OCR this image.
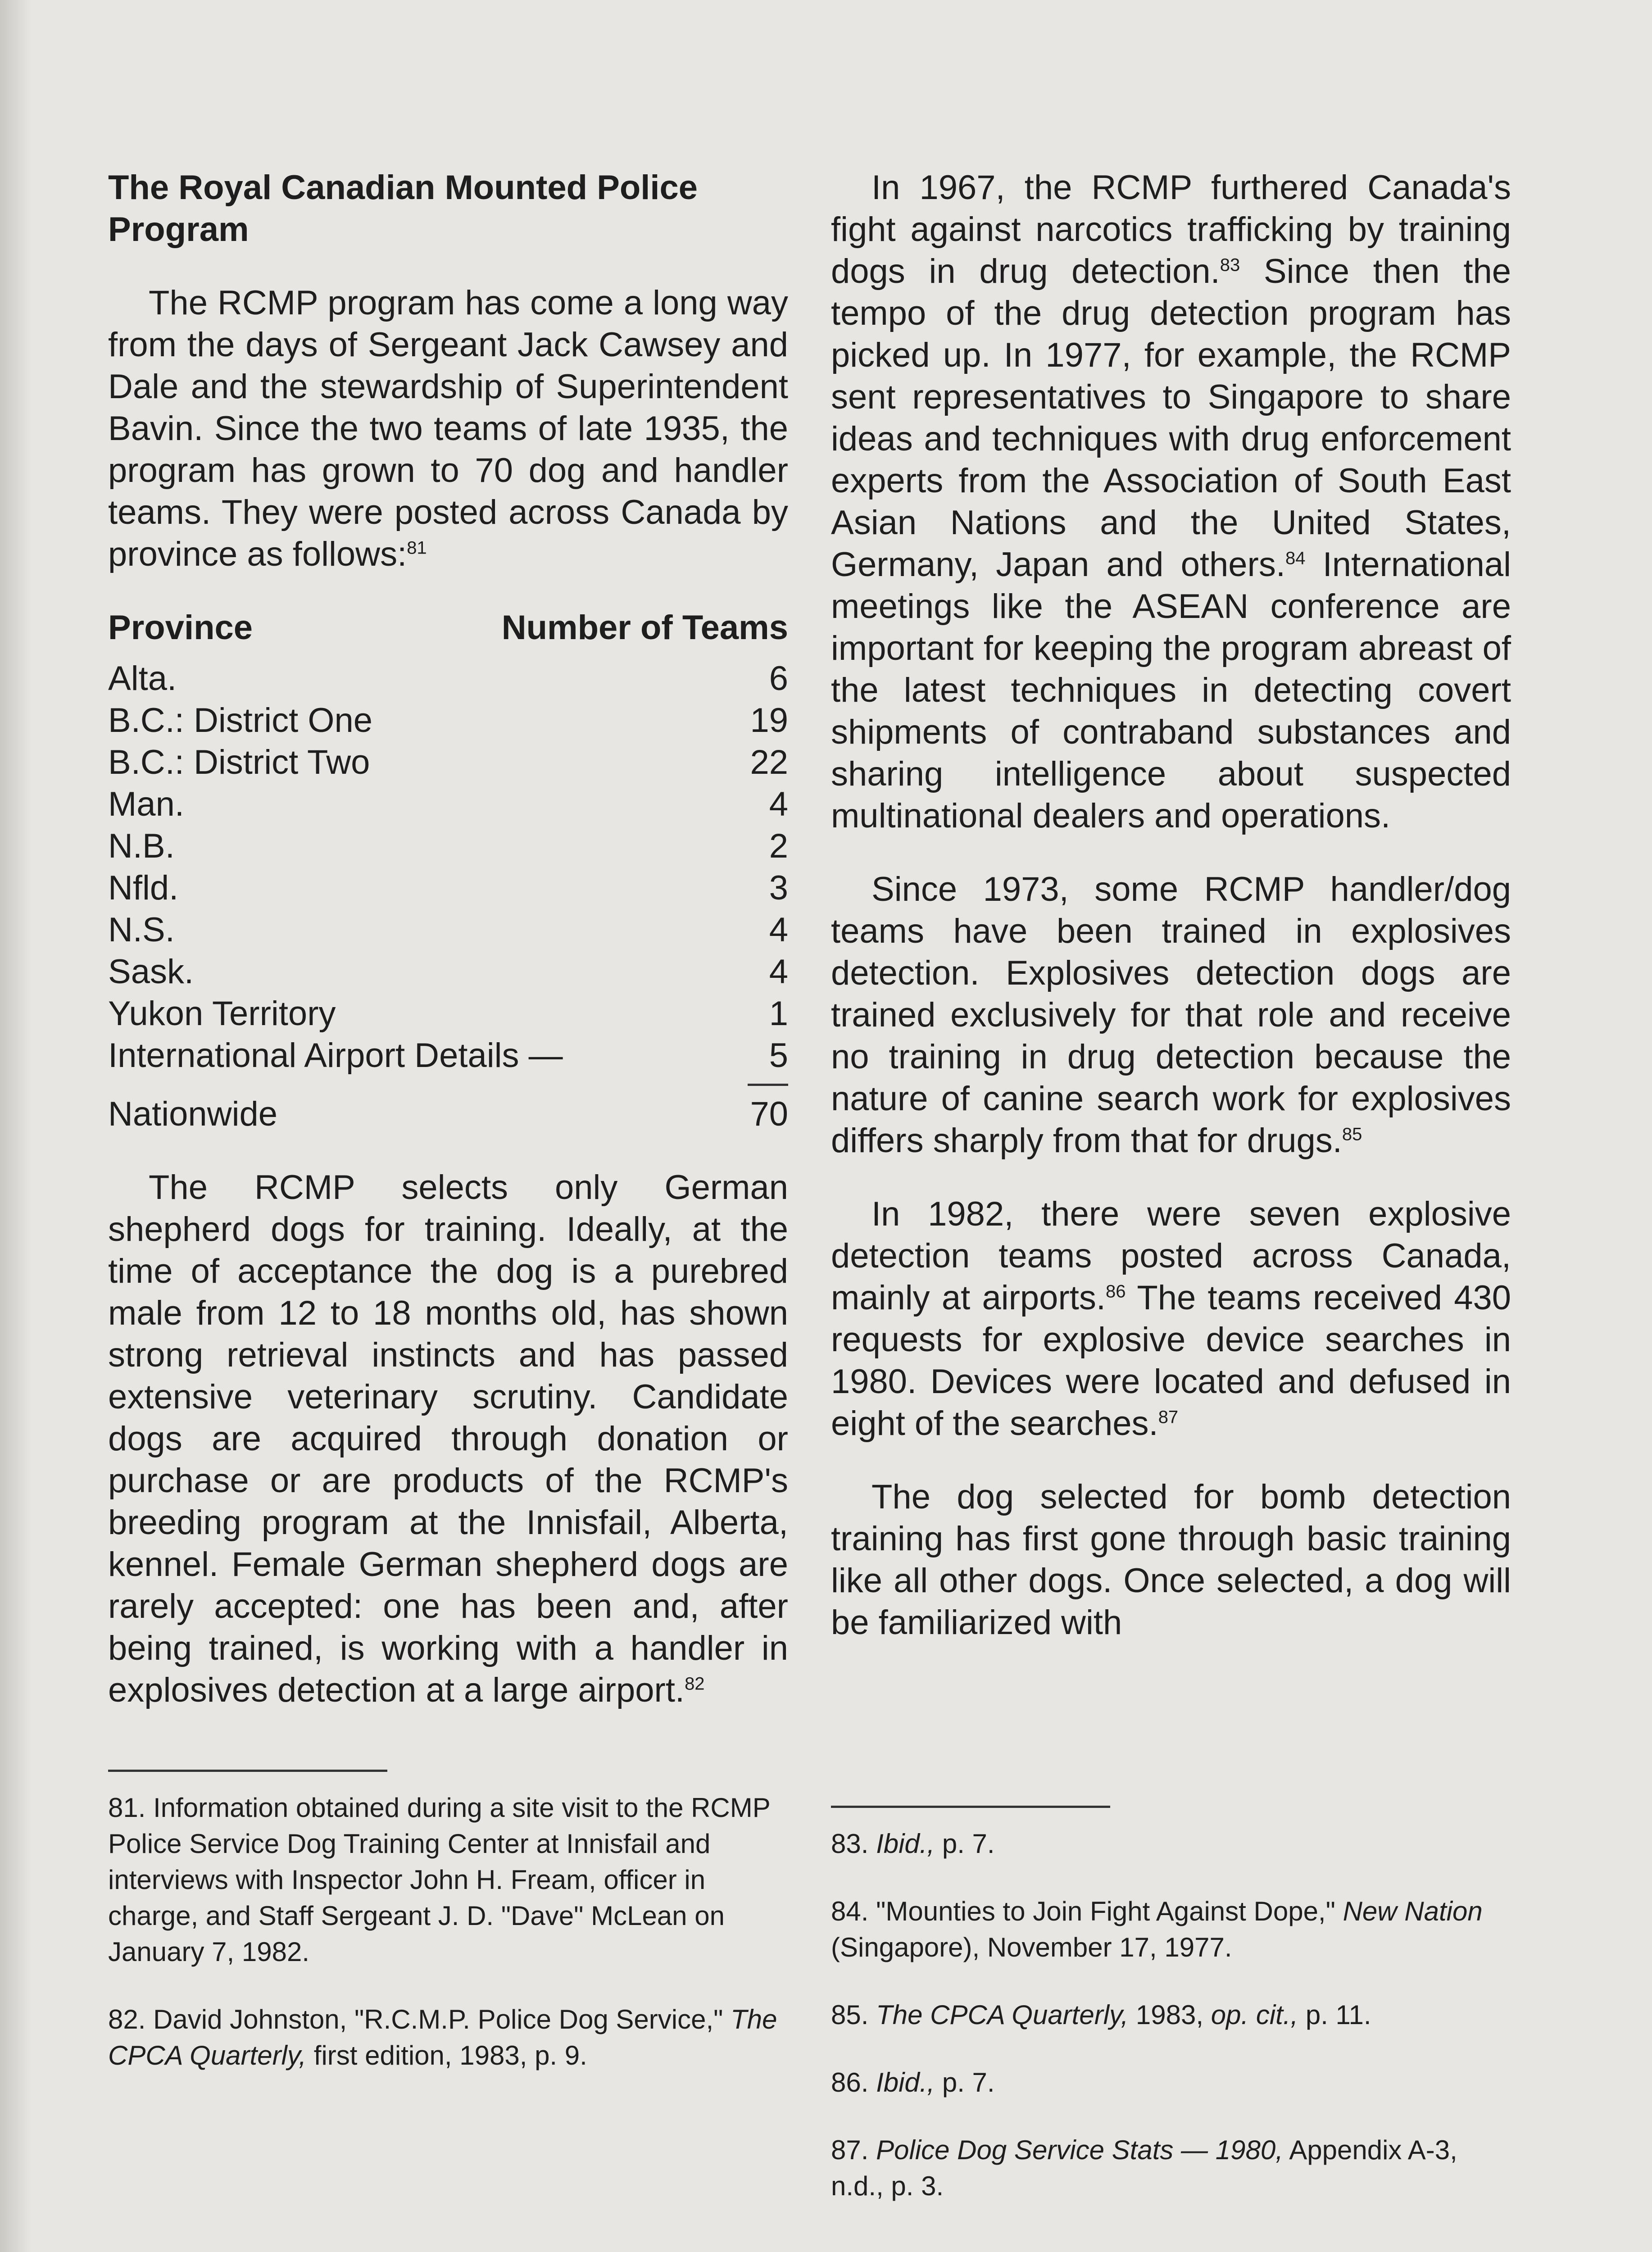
The Royal Canadian Mounted Police Program

The RCMP program has come a long way from the days of Sergeant Jack Cawsey and Dale and the stewardship of Superintendent Bavin. Since the two teams of late 1935, the program has grown to 70 dog and handler teams. They were posted across Canada by province as follows:$^{81}$

Province	Number of Teams
Alta.	6
B.C.: District One	19
B.C.: District Two	22
Man.	4
N.B.	2
Nfld.	3
N.S.	4
Sask.	4
Yukon Territory	1
International Airport Details —	5
Nationwide	70

The RCMP selects only German shepherd dogs for training. Ideally, at the time of acceptance the dog is a purebred male from 12 to 18 months old, has shown strong retrieval instincts and has passed extensive veterinary scrutiny. Candidate dogs are acquired through donation or purchase or are products of the RCMP's breeding program at the Innisfail, Alberta, kennel. Female German shepherd dogs are rarely accepted: one has been and, after being trained, is working with a handler in explosives detection at a large airport.$^{82}$

81. Information obtained during a site visit to the RCMP Police Service Dog Training Center at Innisfail and interviews with Inspector John H. Fream, officer in charge, and Staff Sergeant J. D. "Dave" McLean on January 7, 1982.

82. David Johnston, "R.C.M.P. Police Dog Service," The CPCA Quarterly, first edition, 1983, p. 9.

In 1967, the RCMP furthered Canada's fight against narcotics trafficking by training dogs in drug detection.$^{83}$ Since then the tempo of the drug detection program has picked up. In 1977, for example, the RCMP sent representatives to Singapore to share ideas and techniques with drug enforcement experts from the Association of South East Asian Nations and the United States, Germany, Japan and others.$^{84}$ International meetings like the ASEAN conference are important for keeping the program abreast of the latest techniques in detecting covert shipments of contraband substances and sharing intelligence about suspected multinational dealers and operations.

Since 1973, some RCMP handler/dog teams have been trained in explosives detection. Explosives detection dogs are trained exclusively for that role and receive no training in drug detection because the nature of canine search work for explosives differs sharply from that for drugs.$^{85}$

In 1982, there were seven explosive detection teams posted across Canada, mainly at airports.$^{86}$ The teams received 430 requests for explosive device searches in 1980. Devices were located and defused in eight of the searches.$^{87}$

The dog selected for bomb detection training has first gone through basic training like all other dogs. Once selected, a dog will be familiarized with

83. Ibid., p. 7.

84. "Mounties to Join Fight Against Dope," New Nation (Singapore), November 17, 1977.

85. The CPCA Quarterly, 1983, op. cit., p. 11.

86. Ibid., p. 7.

87. Police Dog Service Stats — 1980, Appendix A-3, n.d., p. 3.
